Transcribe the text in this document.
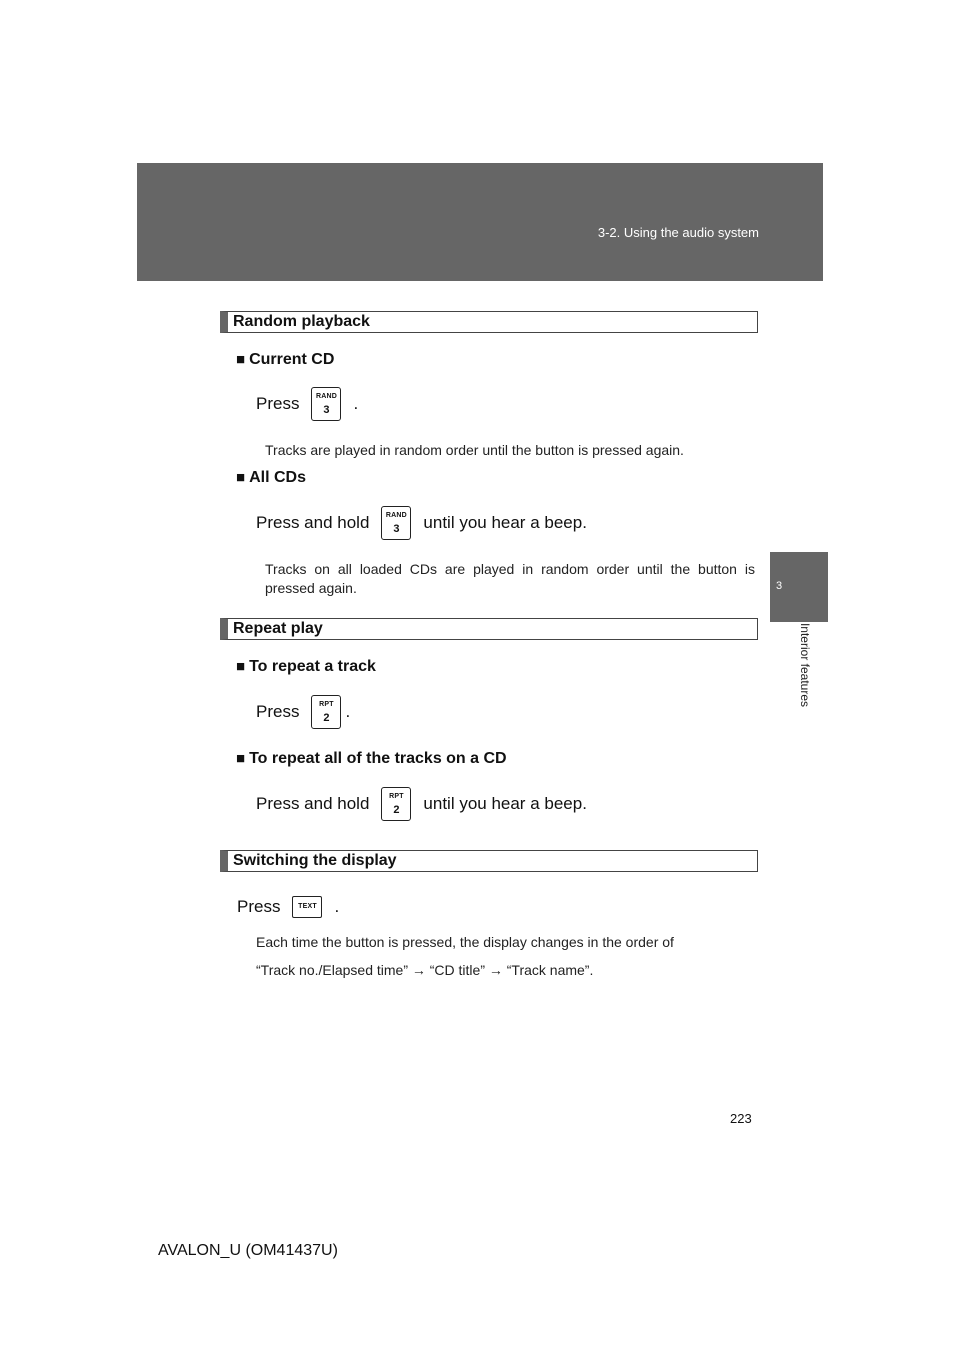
3-2. Using the audio system
3
Interior features
Random playback
■ Current CD
Press	RAND
3	.
Tracks are played in random order until the button is pressed again.
■ All CDs
Press and hold	RAND
3	until you hear a beep.
Tracks on all loaded CDs are played in random order until the button is pressed again.
Repeat play
■ To repeat a track
Press	RPT
2 .
■ To repeat all of the tracks on a CD
Press and hold	RPT
2	until you hear a beep.
Switching the display
Press	TEXT .
Each time the button is pressed, the display changes in the order of
“Track no./Elapsed time” → “CD title” → “Track name”.
223
AVALON_U (OM41437U)
